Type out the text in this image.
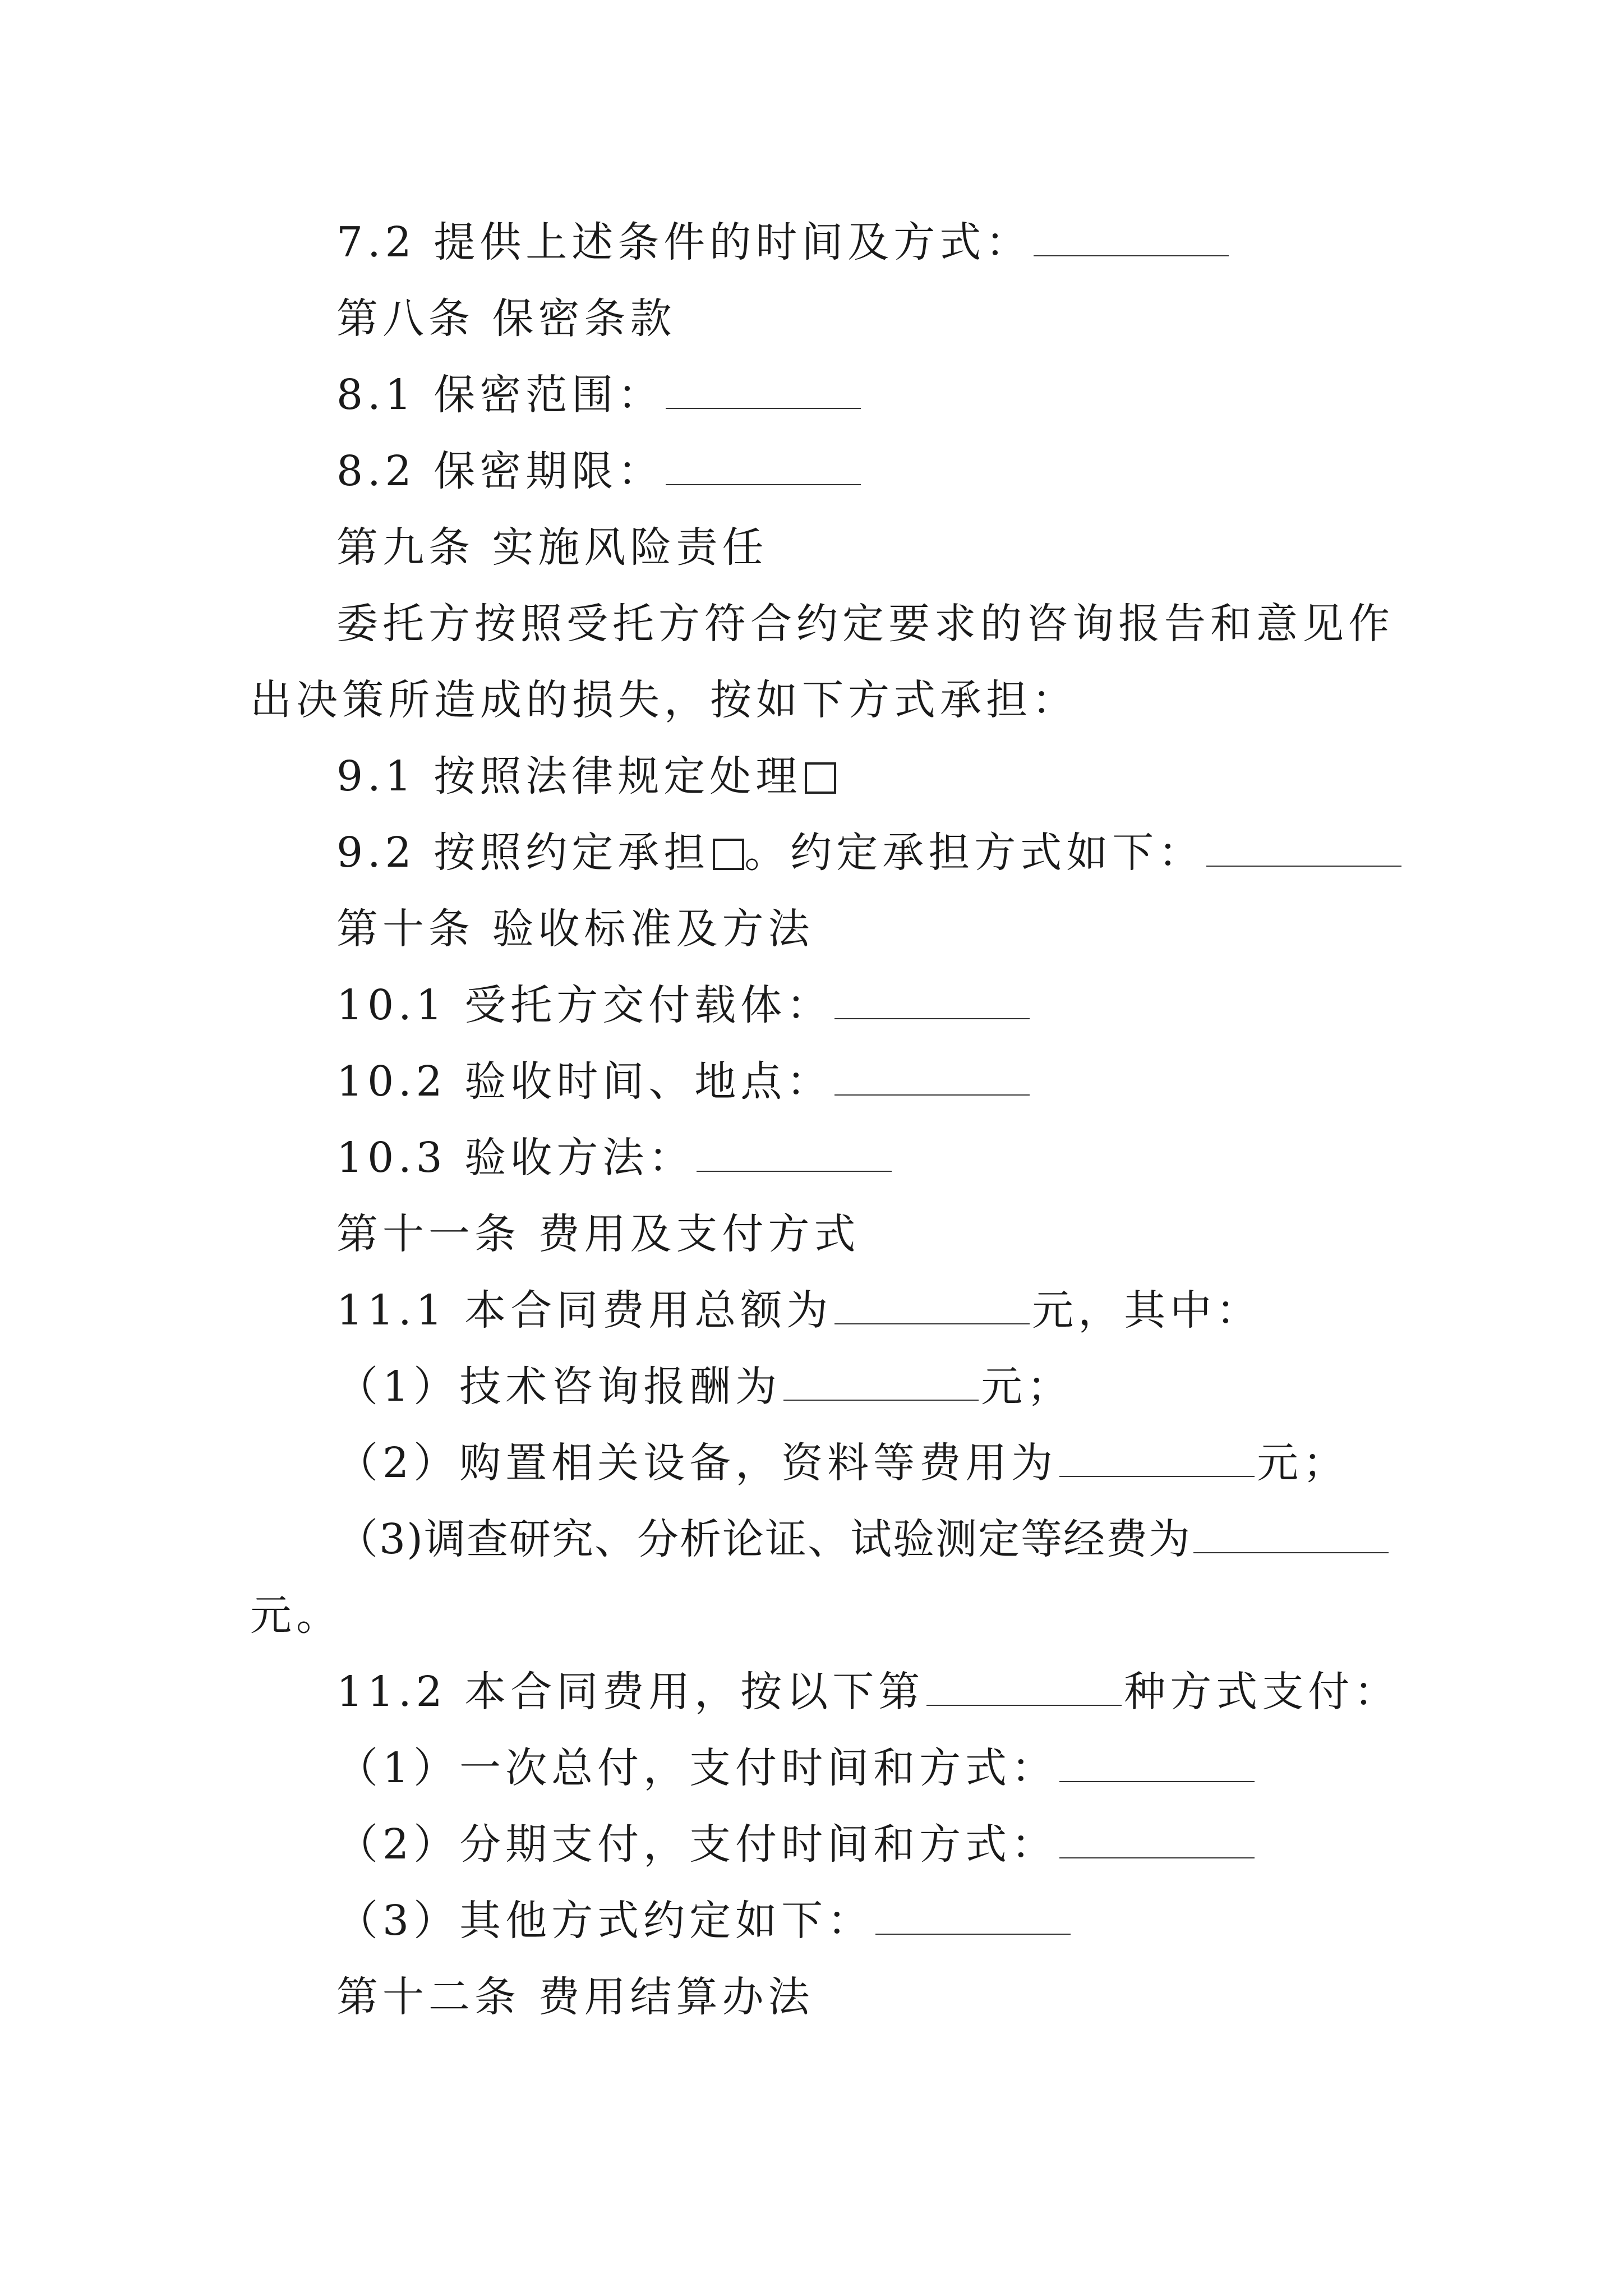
7.2 提供上述条件的时间及方式：
第八条 保密条款
8.1 保密范围：
8.2 保密期限：
第九条 实施风险责任
委托方按照受托方符合约定要求的咨询报告和意见作
出决策所造成的损失，按如下方式承担：
9.1 按照法律规定处理
9.2 按照约定承担 。约定承担方式如下：
第十条 验收标准及方法
10.1 受托方交付载体：
10.2 验收时间、地点：
10.3 验收方法：
第十一条 费用及支付方式
11.1 本合同费用总额为	元，其中：
（1）技术咨询报酬为	元；
（2）购置相关设备，资料等费用为	元；
（3)调查研究、分析论证、试验测定等经费为
元。
11.2 本合同费用，按以下第	种方式支付：
（1）一次总付，支付时间和方式：
（2）分期支付，支付时间和方式：
（3）其他方式约定如下：
第十二条 费用结算办法
